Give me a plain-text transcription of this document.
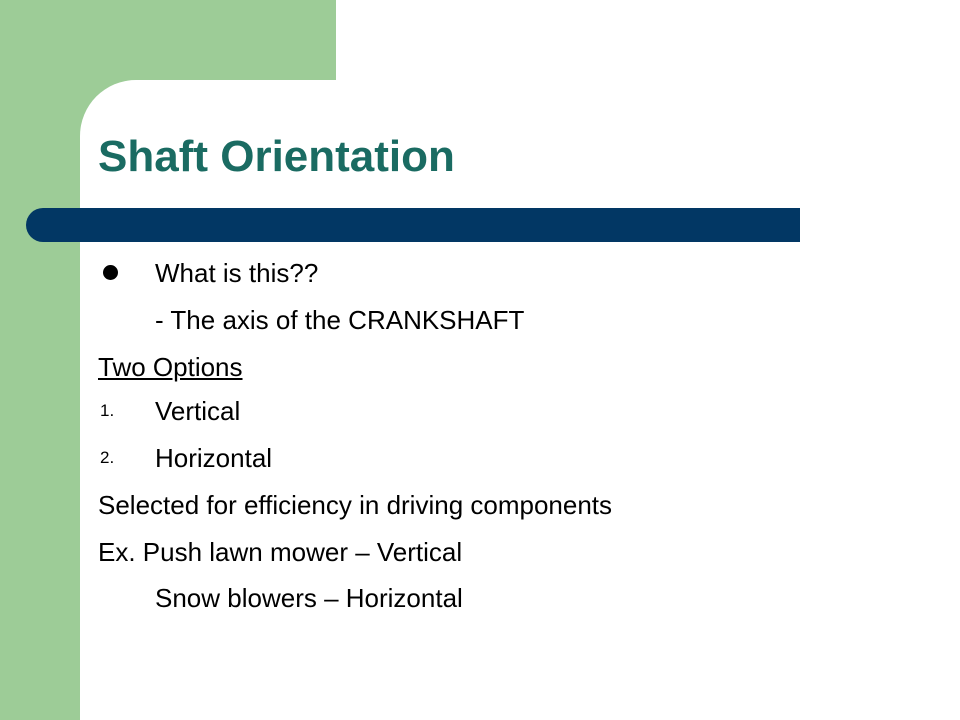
Shaft Orientation
What is this??
- The axis of the CRANKSHAFT
Two Options
1. Vertical
2. Horizontal
Selected for efficiency in driving components
Ex. Push lawn mower – Vertical
Snow blowers – Horizontal
